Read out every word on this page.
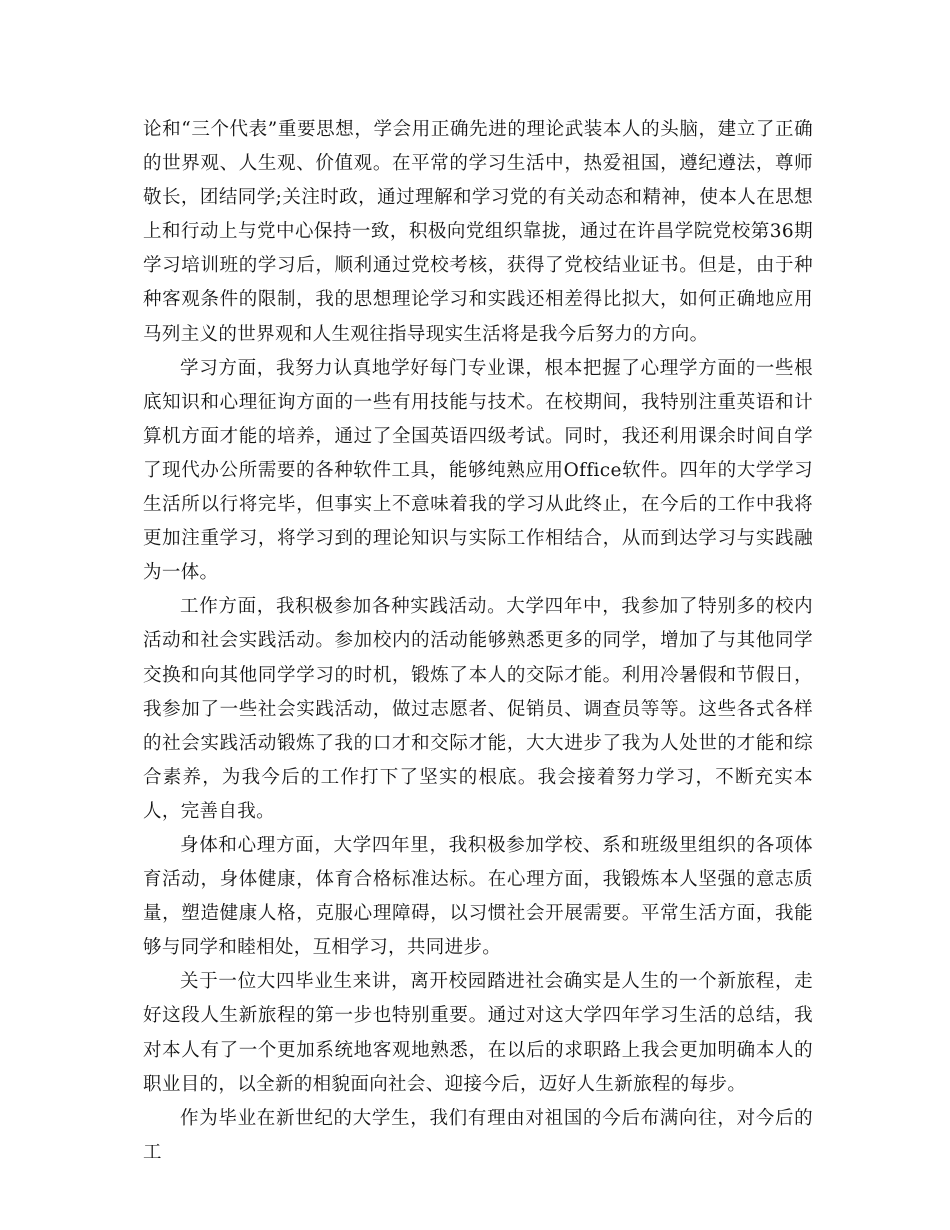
论和“三个代表”重要思想，学会用正确先进的理论武装本人的头脑，建立了正确的世界观、人生观、价值观。在平常的学习生活中，热爱祖国，遵纪遵法，尊师敬长，团结同学;关注时政，通过理解和学习党的有关动态和精神，使本人在思想上和行动上与党中心保持一致，积极向党组织靠拢，通过在许昌学院党校第36期学习培训班的学习后，顺利通过党校考核，获得了党校结业证书。但是，由于种种客观条件的限制，我的思想理论学习和实践还相差得比拟大，如何正确地应用马列主义的世界观和人生观往指导现实生活将是我今后努力的方向。

学习方面，我努力认真地学好每门专业课，根本把握了心理学方面的一些根底知识和心理征询方面的一些有用技能与技术。在校期间，我特别注重英语和计算机方面才能的培养，通过了全国英语四级考试。同时，我还利用课余时间自学了现代办公所需要的各种软件工具，能够纯熟应用Office软件。四年的大学学习生活所以行将完毕，但事实上不意味着我的学习从此终止，在今后的工作中我将更加注重学习，将学习到的理论知识与实际工作相结合，从而到达学习与实践融为一体。

工作方面，我积极参加各种实践活动。大学四年中，我参加了特别多的校内活动和社会实践活动。参加校内的活动能够熟悉更多的同学，增加了与其他同学交换和向其他同学学习的时机，锻炼了本人的交际才能。利用冷暑假和节假日，我参加了一些社会实践活动，做过志愿者、促销员、调查员等等。这些各式各样的社会实践活动锻炼了我的口才和交际才能，大大进步了我为人处世的才能和综合素养，为我今后的工作打下了坚实的根底。我会接着努力学习，不断充实本人，完善自我。

身体和心理方面，大学四年里，我积极参加学校、系和班级里组织的各项体育活动，身体健康，体育合格标准达标。在心理方面，我锻炼本人坚强的意志质量，塑造健康人格，克服心理障碍，以习惯社会开展需要。平常生活方面，我能够与同学和睦相处，互相学习，共同进步。

关于一位大四毕业生来讲，离开校园踏进社会确实是人生的一个新旅程，走好这段人生新旅程的第一步也特别重要。通过对这大学四年学习生活的总结，我对本人有了一个更加系统地客观地熟悉，在以后的求职路上我会更加明确本人的职业目的，以全新的相貌面向社会、迎接今后，迈好人生新旅程的每步。

作为毕业在新世纪的大学生，我们有理由对祖国的今后布满向往，对今后的工
